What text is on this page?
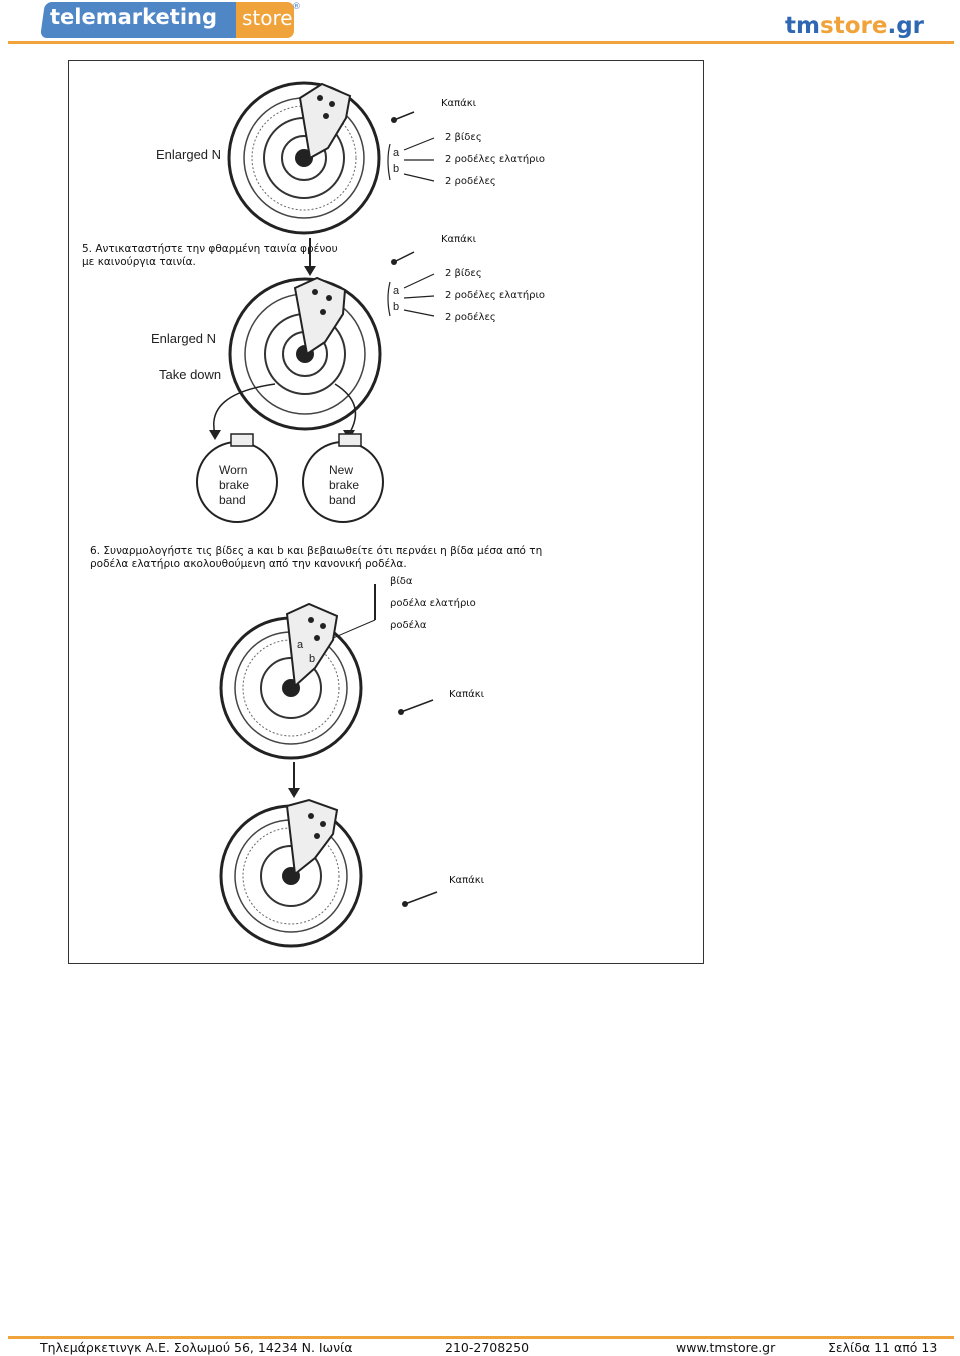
telemarketing store ®
tmstore.gr
Enlarged N	a
b
Καπάκι
2 βίδες
2 ροδέλες ελατήριο
2 ροδέλες
5. Αντικαταστήστε την φθαρμένη ταινία φρένου
με καινούργια ταινία.
Enlarged N
Take down
Worn
brake
band
New
brake
band
a
b
Καπάκι
2 βίδες
2 ροδέλες ελατήριο
2 ροδέλες
6. Συναρμολογήστε τις βίδες a και b και βεβαιωθείτε ότι περνάει η βίδα μέσα από τη
ροδέλα ελατήριο ακολουθούμενη από την κανονική ροδέλα.
a
b
βίδα
ροδέλα ελατήριο
ροδέλα
Καπάκι
Καπάκι
Τηλεμάρκετινγκ Α.Ε. Σολωμού 56, 14234 Ν. Ιωνία	210-2708250	www.tmstore.gr	Σελίδα 11 από 13
